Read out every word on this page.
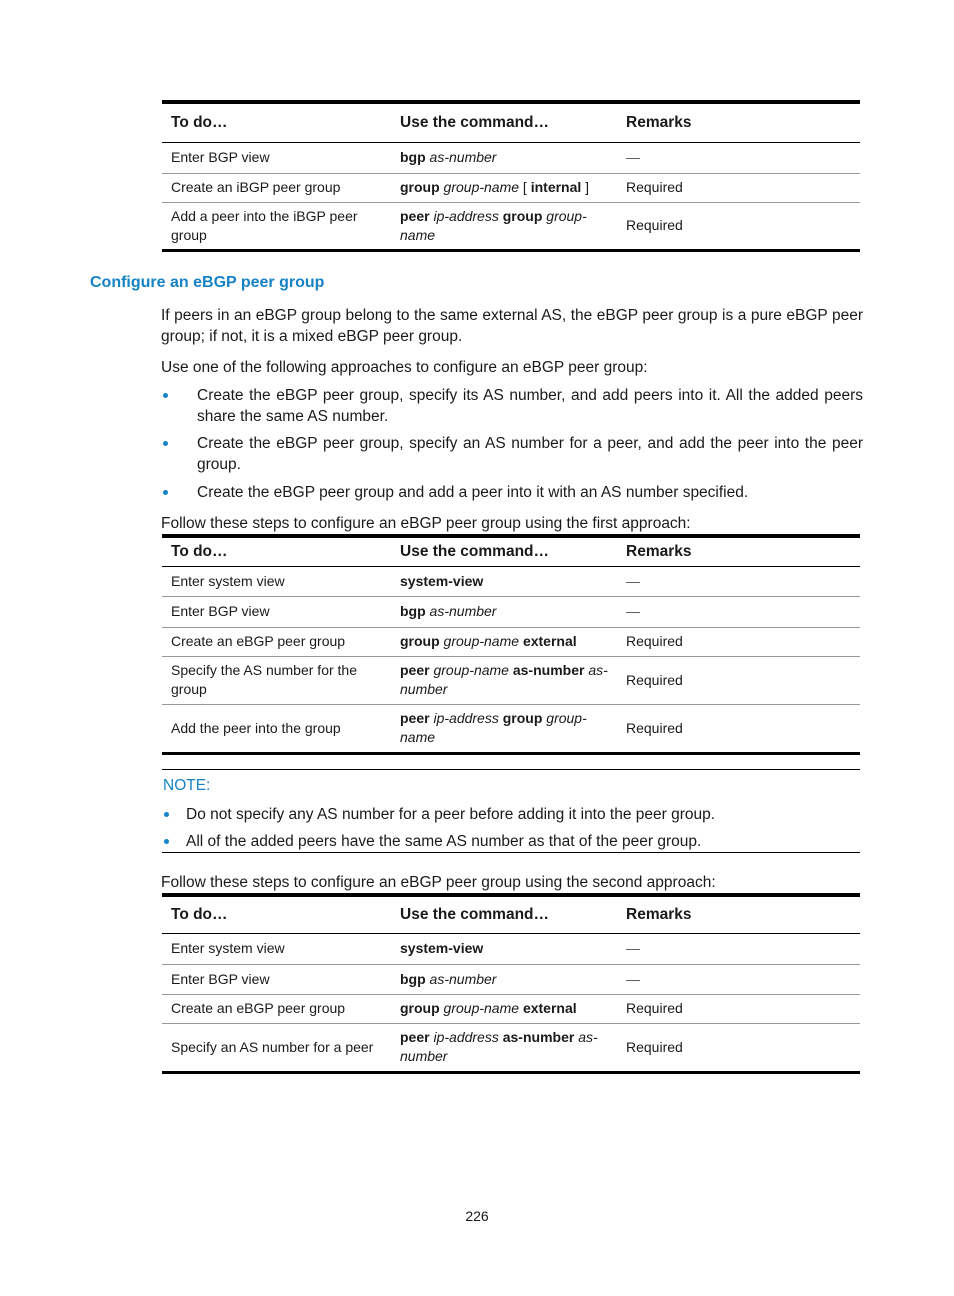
To do…	Use the command…	Remarks
Enter BGP view	bgp as-number	—
Create an iBGP peer group	group group-name [ internal ]	Required
Add a peer into the iBGP peer group	peer ip-address group group-name	Required
Configure an eBGP peer group
If peers in an eBGP group belong to the same external AS, the eBGP peer group is a pure eBGP peer group; if not, it is a mixed eBGP peer group.
Use one of the following approaches to configure an eBGP peer group:
Create the eBGP peer group, specify its AS number, and add peers into it. All the added peers share the same AS number.
Create the eBGP peer group, specify an AS number for a peer, and add the peer into the peer group.
Create the eBGP peer group and add a peer into it with an AS number specified.
Follow these steps to configure an eBGP peer group using the first approach:
To do…	Use the command…	Remarks
Enter system view	system-view	—
Enter BGP view	bgp as-number	—
Create an eBGP peer group	group group-name external	Required
Specify the AS number for the group	peer group-name as-number as-number	Required
Add the peer into the group	peer ip-address group group-name	Required
NOTE:
Do not specify any AS number for a peer before adding it into the peer group.
All of the added peers have the same AS number as that of the peer group.
Follow these steps to configure an eBGP peer group using the second approach:
To do…	Use the command…	Remarks
Enter system view	system-view	—
Enter BGP view	bgp as-number	—
Create an eBGP peer group	group group-name external	Required
Specify an AS number for a peer	peer ip-address as-number as-number	Required
226
